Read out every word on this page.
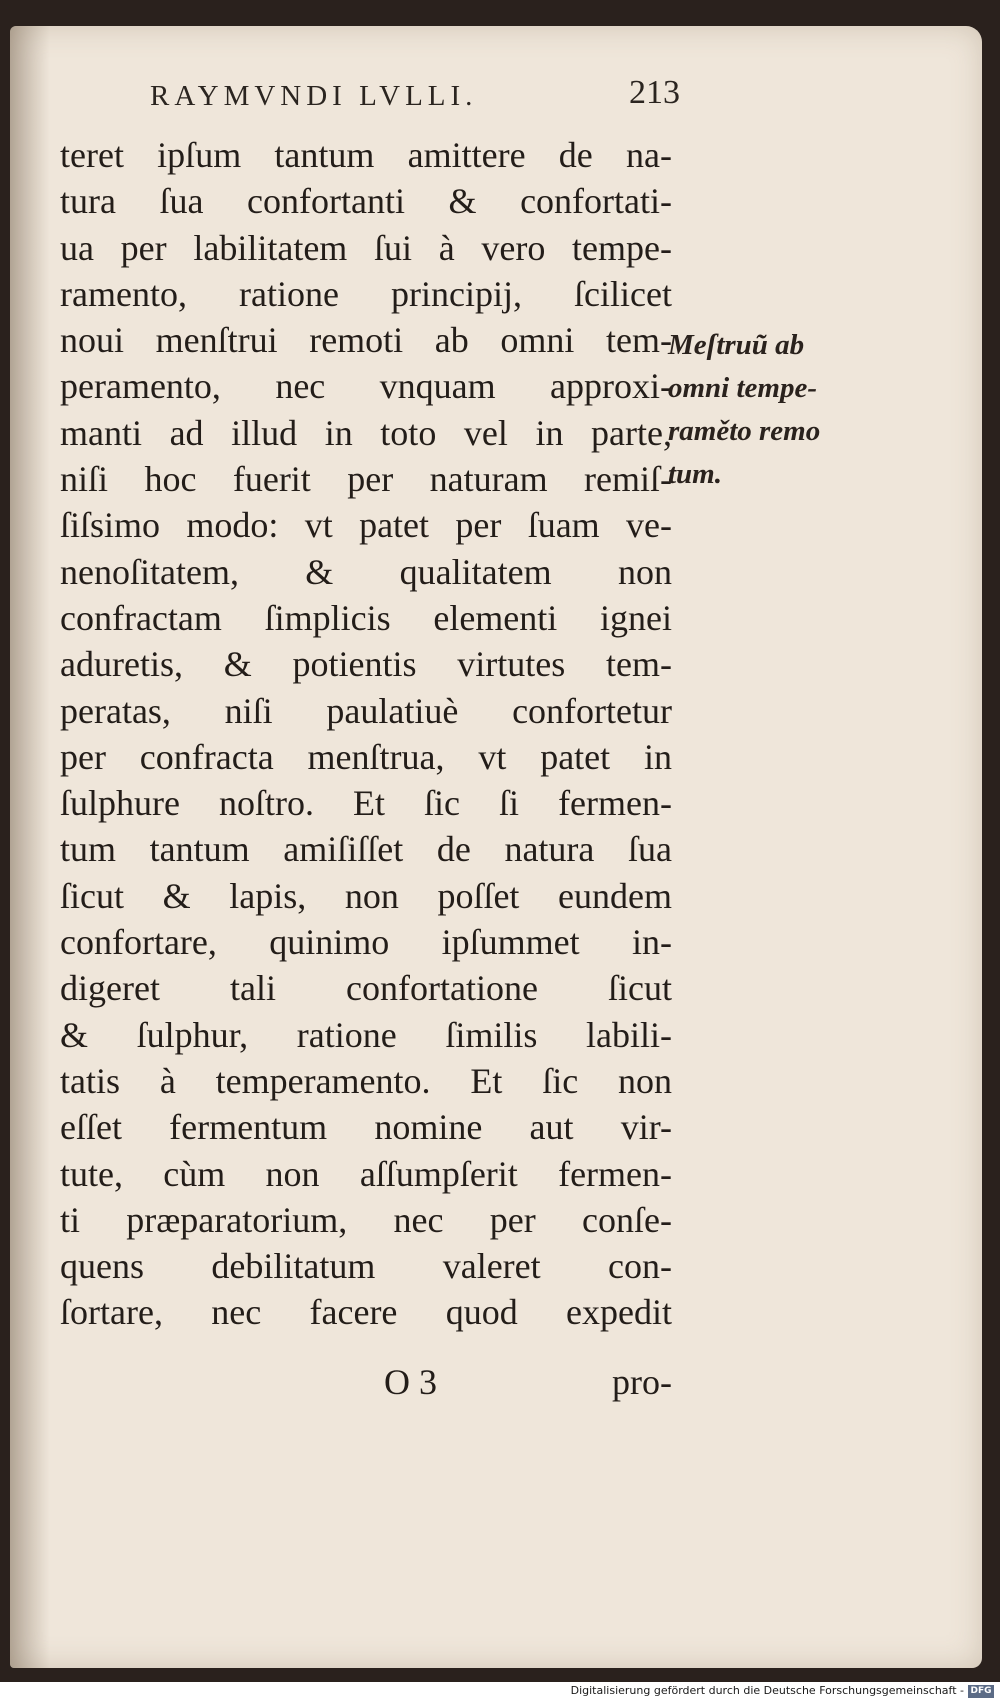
RAYMVNDI LVLLI.	213
teret ipſum tantum amittere de na-
tura ſua confortanti & confortati-
ua per labilitatem ſui à vero tempe-
ramento, ratione principij, ſcilicet
noui menſtrui remoti ab omni tem-
peramento, nec vnquam approxi-
manti ad illud in toto vel in parte,
niſi hoc fuerit per naturam remiſ-
ſiſsimo modo: vt patet per ſuam ve-
nenoſitatem, & qualitatem non
confractam ſimplicis elementi ignei
aduretis, & potientis virtutes tem-
peratas, niſi paulatiuè confortetur
per confracta menſtrua, vt patet in
ſulphure noſtro. Et ſic ſi fermen-
tum tantum amiſiſſet de natura ſua
ſicut & lapis, non poſſet eundem
confortare, quinimo ipſummet in-
digeret tali confortatione ſicut
& ſulphur, ratione ſimilis labili-
tatis à temperamento. Et ſic non
eſſet fermentum nomine aut vir-
tute, cùm non aſſumpſerit fermen-
ti præparatorium, nec per conſe-
quens debilitatum valeret con-
ſortare, nec facere quod expedit
Meſtruũ ab
omni tempe-
raměto remo
tum.
O 3	pro-
Digitalisierung gefördert durch die Deutsche Forschungsgemeinschaft - DFG
